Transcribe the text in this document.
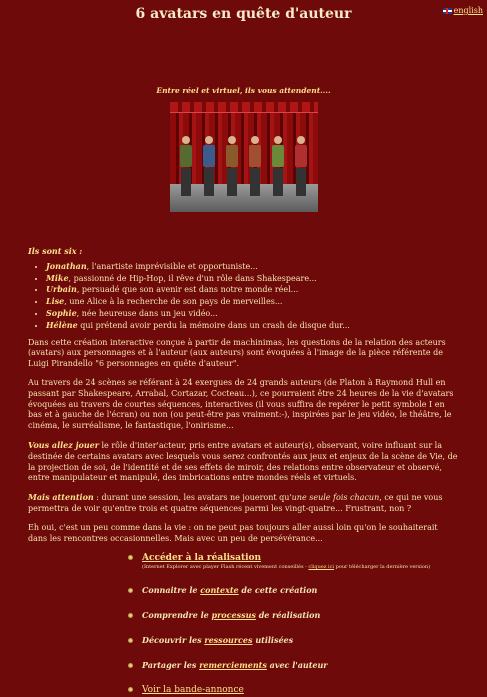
english
6 avatars en quête d'auteur
Entre réel et virtuel, ils vous attendent....
Ils sont six :
• Jonathan, l'anartiste imprévisible et opportuniste...
• Mike, passionné de Hip-Hop, il rêve d'un rôle dans Shakespeare...
• Urbain, persuadé que son avenir est dans notre monde réel...
• Lise, une Alice à la recherche de son pays de merveilles...
• Sophie, née heureuse dans un jeu vidéo...
• Hélène qui prétend avoir perdu la mémoire dans un crash de disque dur...

Dans cette création interactive conçue à partir de machinimas, les questions de la relation des acteurs (avatars) aux personnages et à l'auteur (aux auteurs) sont évoquées à l'image de la pièce référente de Luigi Pirandello "6 personnages en quête d'auteur".

Au travers de 24 scènes se référant à 24 exergues de 24 grands auteurs (de Platon à Raymond Hull en passant par Shakespeare, Arrabal, Cortazar, Cocteau...), ce pourraient être 24 heures de la vie d'avatars évoquées au travers de courtes séquences, interactives (il vous suffira de repérer le petit symbole I en bas et à gauche de l'écran) ou non (ou peut-être pas vraiment:-), inspirées par le jeu vidéo, le théâtre, le cinéma, le surréalisme, le fantastique, l'onirisme...

Vous allez jouer le rôle d'inter'acteur, pris entre avatars et auteur(s), observant, voire influant sur la destinée de certains avatars avec lesquels vous serez confrontés aux jeux et enjeux de la scène de Vie, de la projection de soi, de l'identité et de ses effets de miroir, des relations entre observateur et observé, entre manipulateur et manipulé, des imbrications entre mondes réels et virtuels.

Mais attention : durant une session, les avatars ne joueront qu'une seule fois chacun, ce qui ne vous permettra de voir qu'entre trois et quatre séquences parmi les vingt-quatre... Frustrant, non ?

Eh oui, c'est un peu comme dans la vie : on ne peut pas toujours aller aussi loin qu'on le souhaiterait dans les rencontres occasionnelles. Mais avec un peu de persévérance...

Accéder à la réalisation
(Internet Explorer avec player Flash récent vivement conseillés - cliquez ici pour télécharger la dernière version)
Connaitre le contexte de cette création
Comprendre le processus de réalisation
Découvrir les ressources utilisées
Partager les remerciements avec l'auteur
Voir la bande-annonce
